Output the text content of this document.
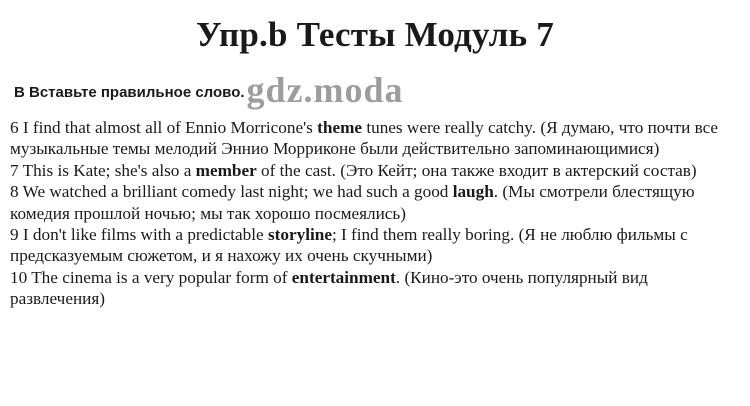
Упр.b Тесты Модуль 7
B Вставьте правильное слово. gdz.moda

6 I find that almost all of Ennio Morricone's theme tunes were really catchy. (Я думаю, что почти все музыкальные темы мелодий Эннио Морриконе были действительно запоминающимися)

7 This is Kate; she's also a member of the cast. (Это Кейт; она также входит в актерский состав)

8 We watched a brilliant comedy last night; we had such a good laugh. (Мы смотрели блестящую комедия прошлой ночью; мы так хорошо посмеялись)

9 I don't like films with a predictable storyline; I find them really boring. (Я не люблю фильмы с предсказуемым сюжетом, и я нахожу их очень скучными)

10 The cinema is a very popular form of entertainment. (Кино-это очень популярный вид развлечения)
